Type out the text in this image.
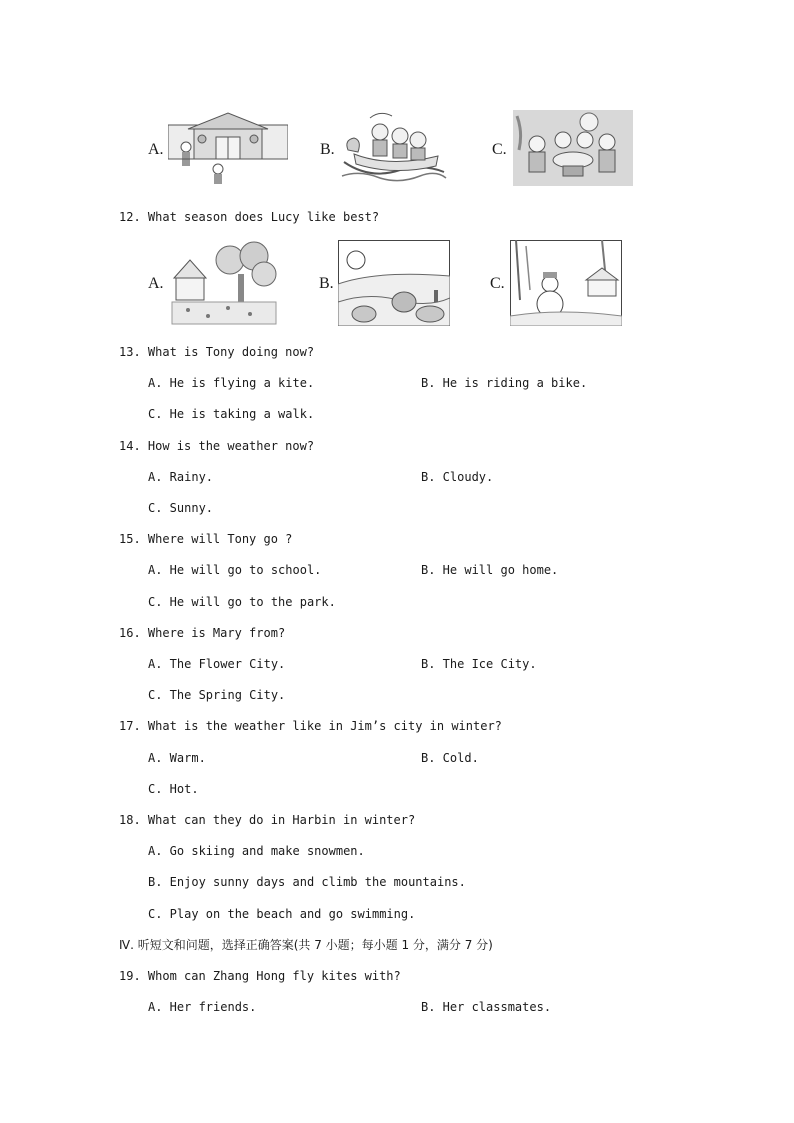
A.	B.	C.
12. What season does Lucy like best?
A.	B.	C.
13. What is Tony doing now?
A. He is flying a kite.	B. He is riding a bike.
C. He is taking a walk.
14. How is the weather now?
A. Rainy.	B. Cloudy.
C. Sunny.
15. Where will Tony go ?
A. He will go to school.	B. He will go home.
C. He will go to the park.
16. Where is Mary from?
A. The Flower City.	B. The Ice City.
C. The Spring City.
17. What is the weather like in Jim’s city in winter?
A. Warm.	B. Cold.
C. Hot.
18. What can they do in Harbin in winter?
A. Go skiing and make snowmen.
B. Enjoy sunny days and climb the mountains.
C. Play on the beach and go swimming.
Ⅳ. 听短文和问题，选择正确答案(共 7 小题；每小题 1 分，满分 7 分)
19. Whom can Zhang Hong fly kites with?
A. Her friends.	B. Her classmates.
